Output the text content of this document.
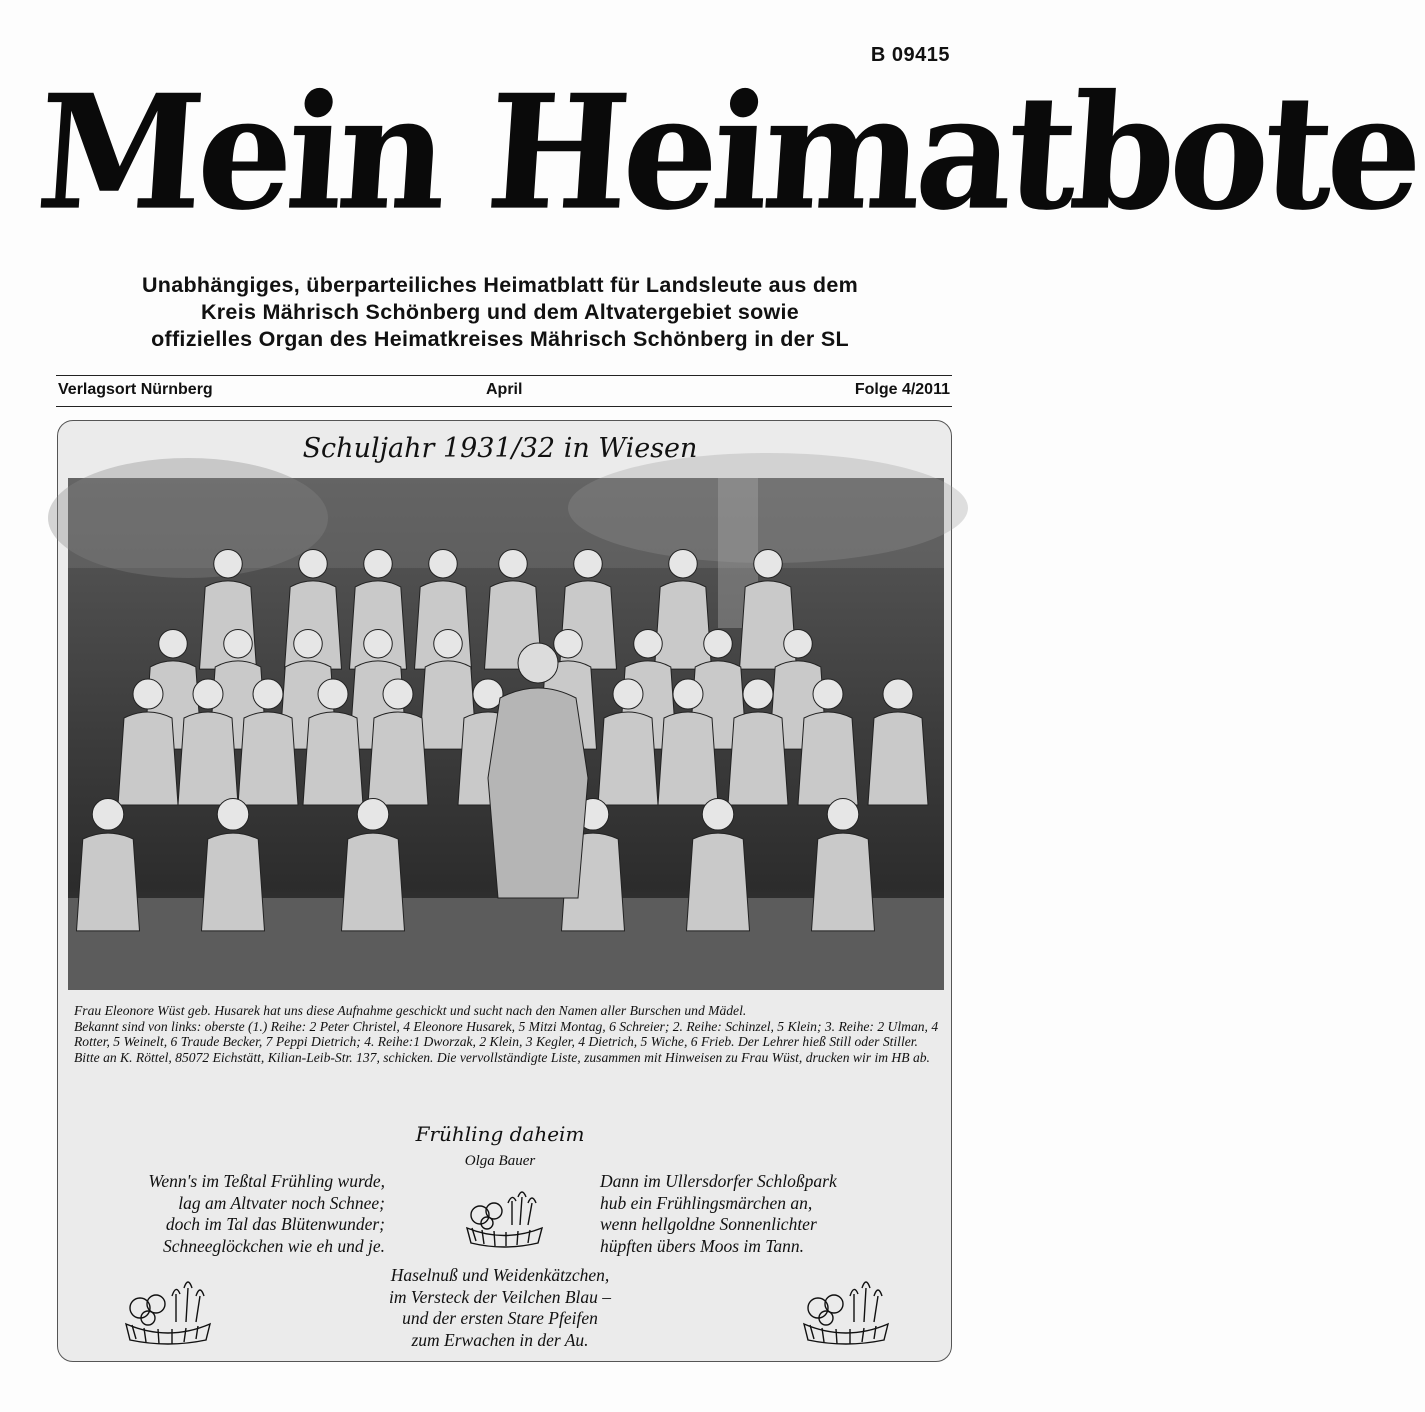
B 09415
Mein Heimatbote
Unabhängiges, überparteiliches Heimatblatt für Landsleute aus dem
Kreis Mährisch Schönberg und dem Altvatergebiet sowie
offizielles Organ des Heimatkreises Mährisch Schönberg in der SL
Verlagsort Nürnberg	April	Folge 4/2011
Schuljahr 1931/32 in Wiesen

Frau Eleonore Wüst geb. Husarek hat uns diese Aufnahme geschickt und sucht nach den Namen aller Burschen und Mädel.

Bekannt sind von links: oberste (1.) Reihe: 2 Peter Christel, 4 Eleonore Husarek, 5 Mitzi Montag, 6 Schreier; 2. Reihe: Schinzel, 5 Klein; 3. Reihe: 2 Ulman, 4 Rotter, 5 Weinelt, 6 Traude Becker, 7 Peppi Dietrich; 4. Reihe:1 Dworzak, 2 Klein, 3 Kegler, 4 Dietrich, 5 Wiche, 6 Frieb. Der Lehrer hieß Still oder Stiller.

Bitte an K. Röttel, 85072 Eichstätt, Kilian-Leib-Str. 137, schicken. Die vervollständigte Liste, zusammen mit Hinweisen zu Frau Wüst, drucken wir im HB ab.

Frühling daheim
Olga Bauer
Wenn's im Teßtal Frühling wurde,
lag am Altvater noch Schnee;
doch im Tal das Blütenwunder;
Schneeglöckchen wie eh und je.
Dann im Ullersdorfer Schloßpark
hub ein Frühlingsmärchen an,
wenn hellgoldne Sonnenlichter
hüpften übers Moos im Tann.
Haselnuß und Weidenkätzchen,
im Versteck der Veilchen Blau –
und der ersten Stare Pfeifen
zum Erwachen in der Au.
